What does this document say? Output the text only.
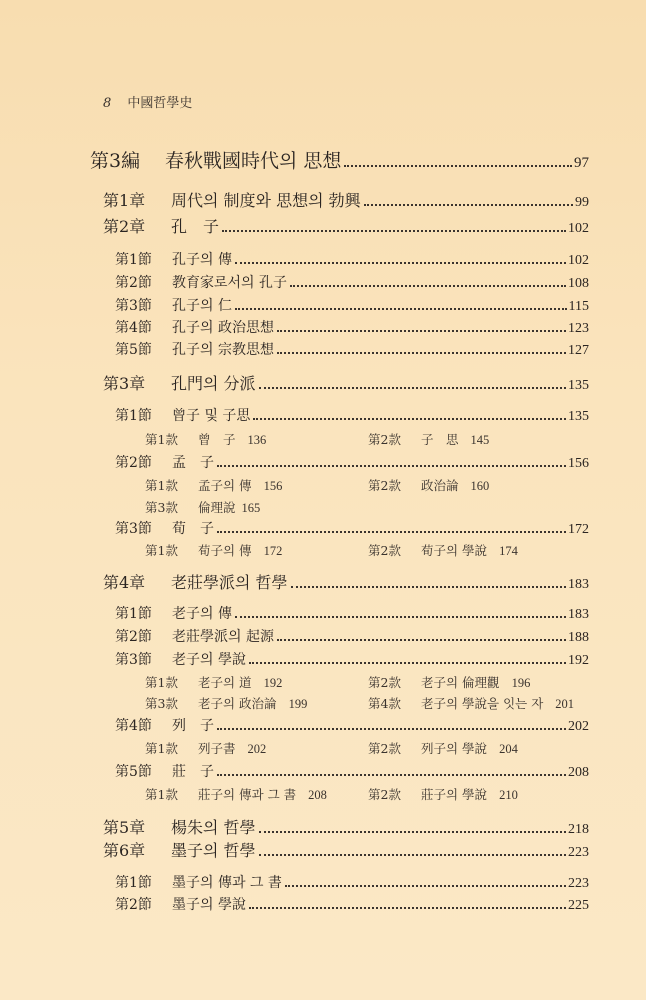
8 中國哲學史
第3編	春秋戰國時代의 思想	97
第1章	周代의 制度와 思想의 勃興	99
第2章	孔　子	102
第1節	孔子의 傳	102
第2節	教育家로서의 孔子	108
第3節	孔子의 仁	115
第4節	孔子의 政治思想	123
第5節	孔子의 宗教思想	127
第3章	孔門의 分派	135
第1節	曾子 및 子思	135
第1款 曾　子 136	第2款 子　思 145
第2節	孟　子	156
第1款 孟子의 傳 156	第2款 政治論 160
第3款 倫理說 165
第3節	荀　子	172
第1款 荀子의 傳 172	第2款 荀子의 學說 174
第4章	老莊學派의 哲學	183
第1節	老子의 傳	183
第2節	老莊學派의 起源	188
第3節	老子의 學說	192
第1款 老子의 道 192	第2款 老子의 倫理觀 196
第3款 老子의 政治論 199	第4款 老子의 學說을 잇는 자 201
第4節	列　子	202
第1款 列子書 202	第2款 列子의 學說 204
第5節	莊　子	208
第1款 莊子의 傳과 그 書 208	第2款 莊子의 學說 210
第5章	楊朱의 哲學	218
第6章	墨子의 哲學	223
第1節	墨子의 傳과 그 書	223
第2節	墨子의 學說	225
